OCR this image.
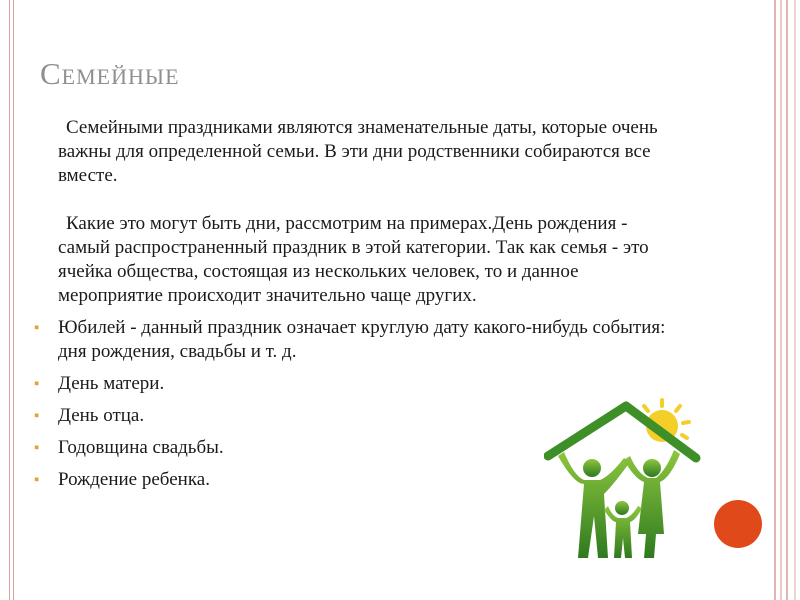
Семейные

Семейными праздниками являются знаменательные даты, которые очень важны для определенной семьи. В эти дни родственники собираются все вместе.

Какие это могут быть дни, рассмотрим на примерах.День рождения - самый распространенный праздник в этой категории. Так как семья - это ячейка общества, состоящая из нескольких человек, то и данное мероприятие происходит значительно чаще других.

▪ Юбилей - данный праздник означает круглую дату какого-нибудь события: дня рождения, свадьбы и т. д.
▪ День матери.
▪ День отца.
▪ Годовщина свадьбы.
▪ Рождение ребенка.
